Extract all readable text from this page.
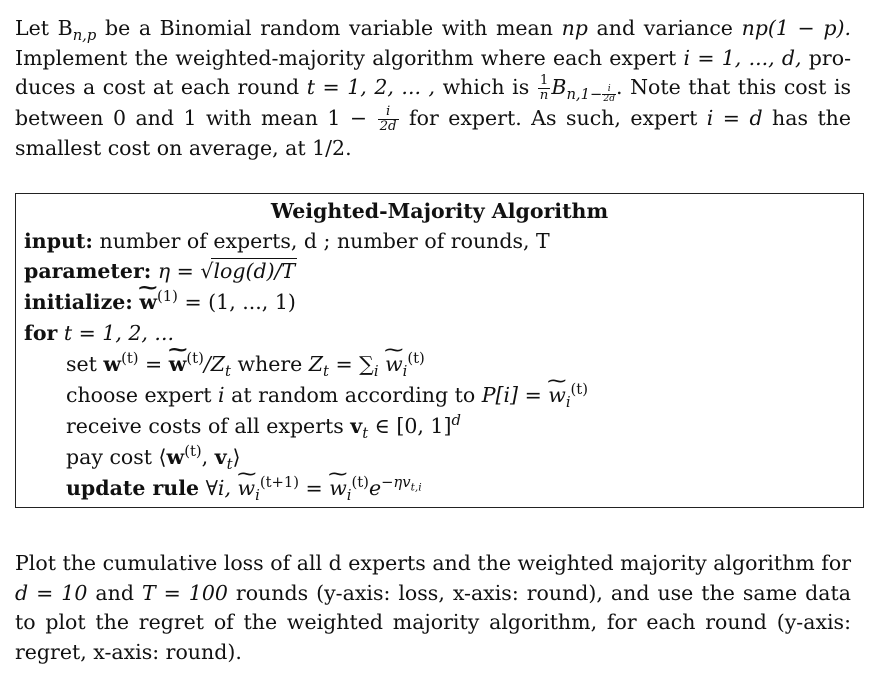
Let $B_{n,p}$ be a Binomial random variable with mean np and variance np(1 − p). Implement the weighted-majority algorithm where each expert i = 1, ..., d, pro-duces a cost at each round t = 1, 2, ... , which is $\frac{1}{n} B_{n,1- \frac{i}{2d}}$ . Note that this cost is between 0 and 1 with mean $1 - \frac{i}{2d}$ for expert. As such, expert i = d has the smallest cost on average, at 1/2.
Weighted-Majority Algorithm
input: number of experts, d ; number of rounds, T
parameter: η = √log(d)/T
initialize: ~ $w^{(1)} = (1$, ..., 1)
for t = 1, 2, ...
set $w^{(t)}$ = ~ $w^{(t)}/Z_t$ where $Z_t = \sum_i$ ~ $w_i^{(t)}$
choose expert i at random according to P[i] = ~ $w_i^{(t)}$
receive costs of all experts $v_t$ ∈ [0, 1]$^d$
pay cost $⟨w^{(t)}$, $v_t⟩$
update rule ∀i, ~ $w_i^{(t+1)}$ = ~ $w_i^{(t)}e^{-\eta v_{t,i}}$
Plot the cumulative loss of all d experts and the weighted majority algorithm for d = 10 and T = 100 rounds (y-axis: loss, x-axis: round), and use the same data to plot the regret of the weighted majority algorithm, for each round (y-axis: regret, x-axis: round).
